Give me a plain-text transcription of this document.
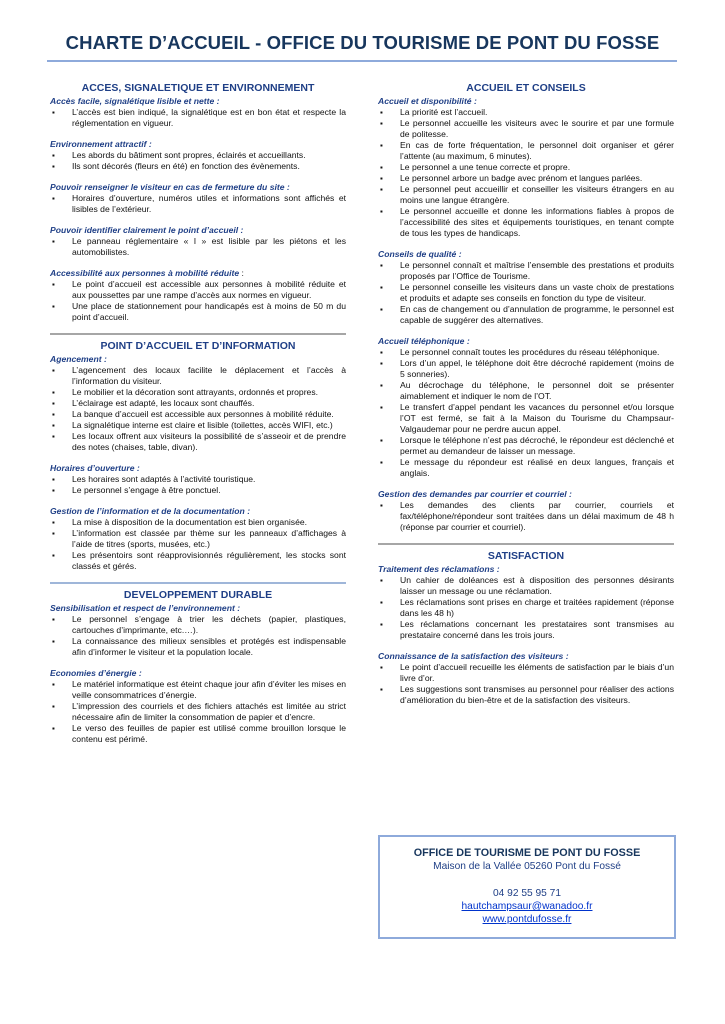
CHARTE D’ACCUEIL - OFFICE DU TOURISME DE PONT DU FOSSE
ACCES, SIGNALETIQUE ET ENVIRONNEMENT

Accès facile, signalétique lisible et nette :

▪ L’accès est bien indiqué, la signalétique est en bon état et respecte la réglementation en vigueur.

Environnement attractif :

▪ Les abords du bâtiment sont propres, éclairés et accueillants.
▪ Ils sont décorés (fleurs en été) en fonction des évènements.

Pouvoir renseigner le visiteur en cas de fermeture du site :

▪ Horaires d’ouverture, numéros utiles et informations sont affichés et lisibles de l’extérieur.

Pouvoir identifier clairement le point d’accueil :

▪ Le panneau réglementaire « I » est lisible par les piétons et les automobilistes.

Accessibilité aux personnes à mobilité réduite :

▪ Le point d’accueil est accessible aux personnes à mobilité réduite et aux poussettes par une rampe d’accès aux normes en vigueur.
▪ Une place de stationnement pour handicapés est à moins de 50 m du point d’accueil.
POINT D’ACCUEIL ET D’INFORMATION

Agencement :

▪ L’agencement des locaux facilite le déplacement et l’accès à l’information du visiteur.
▪ Le mobilier et la décoration sont attrayants, ordonnés et propres.
▪ L’éclairage est adapté, les locaux sont chauffés.
▪ La banque d’accueil est accessible aux personnes à mobilité réduite.
▪ La signalétique interne est claire et lisible (toilettes, accès WIFI, etc.)
▪ Les locaux offrent aux visiteurs la possibilité de s’asseoir et de prendre des notes (chaises, table, divan).

Horaires d’ouverture :

▪ Les horaires sont adaptés à l’activité touristique.
▪ Le personnel s’engage à être ponctuel.

Gestion de l’information et de la documentation :

▪ La mise à disposition de la documentation est bien organisée.
▪ L’information est classée par thème sur les panneaux d’affichages à l’aide de titres (sports, musées, etc.)
▪ Les présentoirs sont réapprovisionnés régulièrement, les stocks sont classés et gérés.
DEVELOPPEMENT DURABLE

Sensibilisation et respect de l’environnement :

▪ Le personnel s’engage à trier les déchets (papier, plastiques, cartouches d’imprimante, etc.…).
▪ La connaissance des milieux sensibles et protégés est indispensable afin d’informer le visiteur et la population locale.

Economies d’énergie :

▪ Le matériel informatique est éteint chaque jour afin d’éviter les mises en veille consommatrices d’énergie.
▪ L’impression des courriels et des fichiers attachés est limitée au strict nécessaire afin de limiter la consommation de papier et d’encre.
▪ Le verso des feuilles de papier est utilisé comme brouillon lorsque le contenu est périmé.
ACCUEIL ET CONSEILS

Accueil et disponibilité :

▪ La priorité est l’accueil.
▪ Le personnel accueille les visiteurs avec le sourire et par une formule de politesse.
▪ En cas de forte fréquentation, le personnel doit organiser et gérer l’attente (au maximum, 6 minutes).
▪ Le personnel a une tenue correcte et propre.
▪ Le personnel arbore un badge avec prénom et langues parlées.
▪ Le personnel peut accueillir et conseiller les visiteurs étrangers en au moins une langue étrangère.
▪ Le personnel accueille et donne les informations fiables à propos de l’accessibilité des sites et équipements touristiques, en tenant compte de tous les types de handicaps.

Conseils de qualité :

▪ Le personnel connaît et maîtrise l’ensemble des prestations et produits proposés par l’Office de Tourisme.
▪ Le personnel conseille les visiteurs dans un vaste choix de prestations et produits et adapte ses conseils en fonction du type de visiteur.
▪ En cas de changement ou d’annulation de programme, le personnel est capable de suggérer des alternatives.

Accueil téléphonique :

▪ Le personnel connaît toutes les procédures du réseau téléphonique.
▪ Lors d’un appel, le téléphone doit être décroché rapidement (moins de 5 sonneries).
▪ Au décrochage du téléphone, le personnel doit se présenter aimablement et indiquer le nom de l’OT.
▪ Le transfert d’appel pendant les vacances du personnel et/ou lorsque l’OT est fermé, se fait à la Maison du Tourisme du Champsaur-Valgaudemar pour ne perdre aucun appel.
▪ Lorsque le téléphone n’est pas décroché, le répondeur est déclenché et permet au demandeur de laisser un message.
▪ Le message du répondeur est réalisé en deux langues, français et anglais.

Gestion des demandes par courrier et courriel :

▪ Les demandes des clients par courrier, courriels et fax/téléphone/répondeur sont traitées dans un délai maximum de 48 h (réponse par courrier et courriel).
SATISFACTION

Traitement des réclamations :

▪ Un cahier de doléances est à disposition des personnes désirants laisser un message ou une réclamation.
▪ Les réclamations sont prises en charge et traitées rapidement (réponse dans les 48 h)
▪ Les réclamations concernant les prestataires sont transmises au prestataire concerné dans les trois jours.

Connaissance de la satisfaction des visiteurs :

▪ Le point d’accueil recueille les éléments de satisfaction par le biais d’un livre d’or.
▪ Les suggestions sont transmises au personnel pour réaliser des actions d’amélioration du bien-être et de la satisfaction des visiteurs.
OFFICE DE TOURISME DE PONT DU FOSSE
Maison de la Vallée 05260 Pont du Fossé
04 92 55 95 71
hautchampsaur@wanadoo.fr
www.pontdufosse.fr
